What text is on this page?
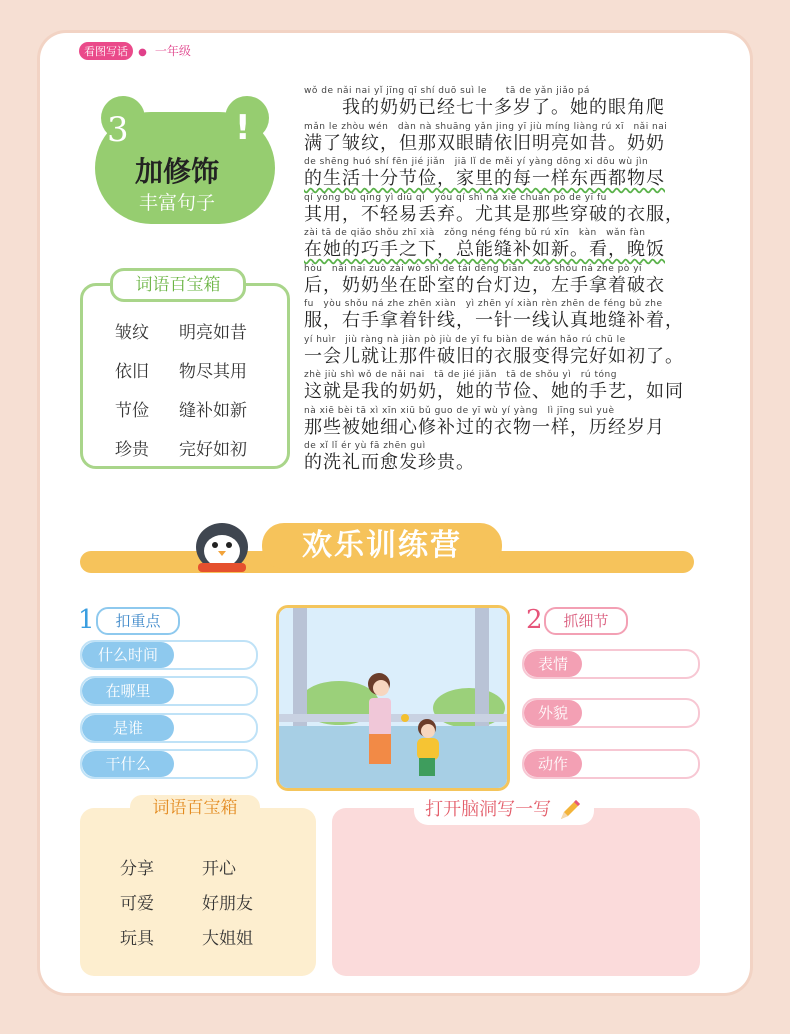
看图写话 ● 一年级
3	!
加修饰
丰富句子
皱纹	明亮如昔
依旧	物尽其用
节俭	缝补如新
珍贵	完好如初
词语百宝箱
wǒ de nǎi nai yǐ jīng qī shí duō suì le　　tā de yǎn jiǎo pá
　　我的奶奶已经七十多岁了。她的眼角爬
mǎn le zhòu wén　dàn nà shuāng yǎn jing yī jiù míng liàng rú xī　nǎi nai
满了皱纹，但那双眼睛依旧明亮如昔。奶奶
de shēng huó shí fēn jié jiǎn　jiā lǐ de měi yí yàng dōng xi dōu wù jìn
的生活十分节俭，家里的每一样东西都物尽
qí yòng bù qīng yì diū qì　yóu qí shì nà xiē chuān pò de yī fu
其用，不轻易丢弃。尤其是那些穿破的衣服，
zài tā de qiǎo shǒu zhī xià　zǒng néng féng bǔ rú xīn　kàn　wǎn fàn
在她的巧手之下，总能缝补如新。看，晚饭
hòu　nǎi nai zuò zài wò shì de tái dēng biān　zuǒ shǒu ná zhe pò yī
后，奶奶坐在卧室的台灯边，左手拿着破衣
fu　yòu shǒu ná zhe zhēn xiàn　yì zhēn yí xiàn rèn zhēn de féng bǔ zhe
服，右手拿着针线，一针一线认真地缝补着，
yí huìr　jiù ràng nà jiàn pò jiù de yī fu biàn de wán hǎo rú chū le
一会儿就让那件破旧的衣服变得完好如初了。
zhè jiù shì wǒ de nǎi nai　tā de jié jiǎn　tā de shǒu yì　rú tóng
这就是我的奶奶，她的节俭、她的手艺，如同
nà xiē bèi tā xì xīn xiū bǔ guo de yī wù yí yàng　lì jīng suì yuè
那些被她细心修补过的衣物一样，历经岁月
de xǐ lǐ ér yù fā zhēn guì
的洗礼而愈发珍贵。
欢乐训练营
1	扣重点
什么时间
在哪里
是谁
干什么
2	抓细节
表情
外貌
动作
分享	开心
可爱	好朋友
玩具	大姐姐
词语百宝箱	打开脑洞写一写
